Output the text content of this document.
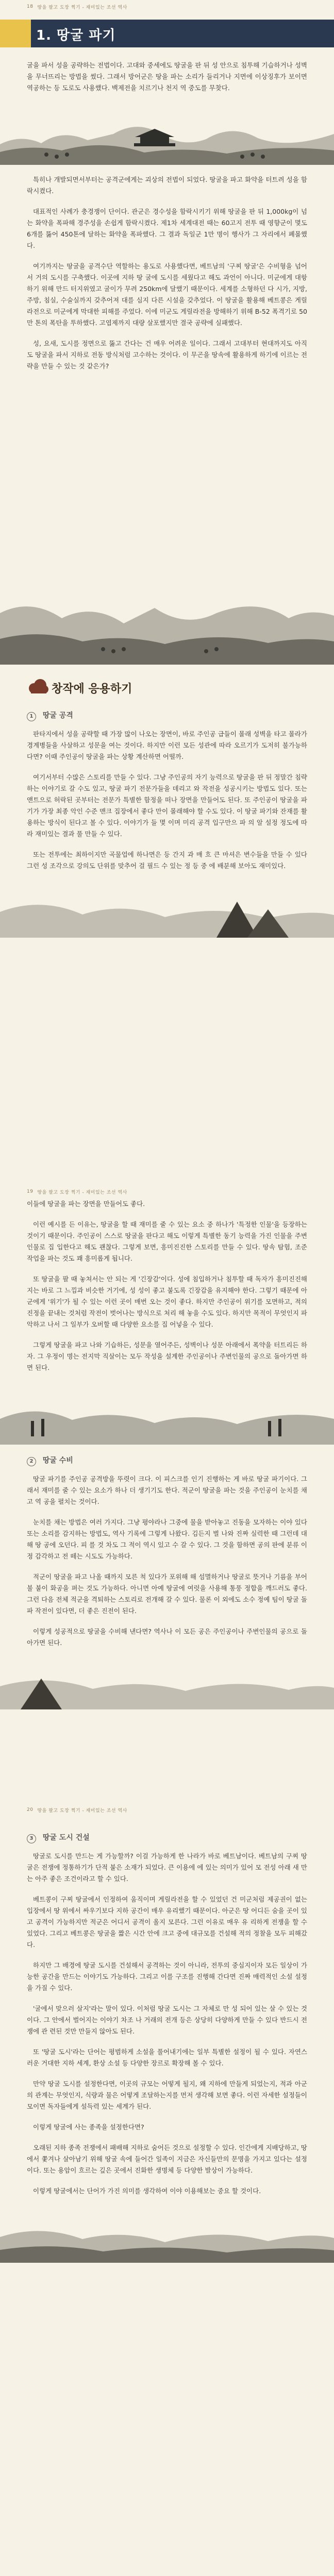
18 땅을 팔고 도장 찍기 - 재미있는 조선 역사
1. 땅굴 파기

굴을 파서 성을 공략하는 전법이다. 고대와 중세에도 땅굴을 판 뒤 성 안으로 침투해 기습하거나 성벽을 무너뜨리는 방법을 썼다. 그래서 방어군은 땅을 파는 소리가 들리거나 지면에 이상징후가 보이면 역공하는 등 도로도 사용했다. 백제전을 치르기나 천지 역 중도를 무찾다.

특히나 개발되면서부터는 공격군에게는 괴상의 전법이 되었다. 땅굴을 파고 화약을 터트려 성을 함락시켰다.

대표적인 사례가 충경쟁이 단이다. 관군은 경수성을 함락시키기 위해 땅굴을 판 뒤 1,000kg이 넘는 화약을 폭파해 경주성을 손쉽게 함락시켰다. 제1차 세계대전 때는 60고지 전투 때 영향군이 몇도 6개를 뚫어 450톤에 달하는 화약을 폭파했다. 그 결과 독일군 1만 명이 행사가 그 자리에서 폐몰했다.

여기까지는 땅굴을 공격수단 역할하는 용도로 사용했다면, 베트남의 '구찌 땅굴'은 수비형을 넘어서 거의 도시를 구축했다. 이곳에 지하 땅 굴에 도시를 세웠다고 해도 과언이 아니다. 미군에게 대항하기 위해 만드 터지위였고 굴이가 무려 250km에 달했기 때문이다. 세계를 소형하던 다 시가, 지방, 주방, 침실, 수술실까지 갖추어져 대를 심지 다른 시설을 갖추었다. 이 땅굴을 활용해 베트콩은 게릴라전으로 미군에게 막대한 피해를 주었다. 이에 미군도 게릴라전을 방해하기 위해 B-52 폭격기로 50만 톤의 폭탄을 투하했다. 고엽제까지 대량 살포했지만 결국 공략에 실패했다.

성, 요새, 도시를 정면으로 뚫고 간다는 건 매우 어려운 일이다. 그래서 고대부터 현대까지도 아직도 땅굴을 파서 지하로 전동 방식처럼 고수하는 것이다. 이 무곤을 땅속에 활용하게 하기에 이르는 전략을 만들 수 있는 것 같은가?

창작에 응용하기
1 땅굴 공격

판타지에서 성을 공략할 때 가장 많이 나오는 장면이, 바로 주인공 급들이 몰래 성벽을 타고 몰라가 경계병들을 사살하고 성문을 여는 것이다. 하지만 이런 모든 성관에 따라 오르기가 도저히 불가능하다면? 이때 주인공이 땅굴을 파는 상황 계산하면 어떨까.

여기서부터 수많은 스토리를 만들 수 있다. 그냥 주인공의 자기 능력으로 땅굴을 판 뒤 정말간 침략하는 이야기로 갈 수도 있고, 땅굴 파기 전문가들을 데리고 와 작전을 성공시키는 방법도 있다. 또는 앤트으로 허락된 곳부터는 전문가 특별한 함정을 떠나 장면을 만들어도 된다. 또 주인공이 땅굴을 파기가 가장 최종 악인 수준 맨크 집장에서 좋다 만이 몰래해야 할 수도 있다. 이 땅굴 파기와 잔재를 활용하는 방식이 된다고 볼 수 있다. 이야기가 들 몇 이며 미리 공격 입구만으 파 의 알 설정 정도에 따라 재미있는 결과 풀 만들 수 있다.

또는 전투에는 최하이지만 곡물업에 하나면은 등 간지 과 매 흐 큰 마셔은 변수들을 만들 수 있다 그런 성 조각으로 강의도 단위를 맞추어 걸 필드 수 있는 정 등 중 에 배분해 보아도 재미있다.

19 땅을 팔고 도장 찍기 - 재미있는 조선 역사

이들에 땅굴을 파는 장면을 만들어도 좋다.

이런 예시를 든 이유는, 땅굴을 할 때 재미를 줄 수 있는 요소 중 하나가 '특정한 인물'을 등장하는 것이기 때문이다. 주인공이 스스로 땅굴을 판다고 해도 이렇게 특별한 동기 능력을 가진 인물을 주변 인물로 집 입한다고 해도 괜찮다. 그렇게 보면, 흥미진진한 스토리를 만들 수 있다. 땅속 탐험, 조준 작업을 파는 것도 꽤 흥미롭게 됩니다.

또 땅굴을 팔 때 놓쳐서는 안 되는 게 '긴장감'이다. 성에 침입하거나 침투할 때 독자가 흥미진진해지는 바로 그 느낌과 비슷한 거기에, 성 성이 좋고 붙도록 긴장감을 유지해야 한다. 그렇기 때문에 아군에게 '위기'가 될 수 있는 이런 곳이 매번 오는 것이 좋다. 하지만 주인공이 위기를 모면하고, 적의 진정을 끝내는 것처럼 작전이 벗어나는 방식으로 처리 해 놓을 수도 있다. 하지만 목적이 무엇인지 파악하고 나서 그 일부가 오버할 때 다양한 요소를 집 어넣을 수 있다.

그렇게 땅굴을 파고 나와 기습하든, 성문을 열어주든, 성벽이나 성문 아래에서 폭약을 터트리든 하자. 그 우정이 명는 전지막 직살이는 모두 작성을 설계한 주인공이나 주변인물의 공으로 돌아가면 하면 된다.

2 땅굴 수비

땅굴 파기를 주인공 공격방을 뚜렷이 크다. 이 피스크를 인기 진행하는 게 바로 땅굴 파기이다. 그래서 재미를 줄 수 있는 요소가 하나 더 생기기도 한다. 적군이 땅굴을 파는 것을 주인공이 눈치를 채고 역 공을 펼치는 것이다.

눈치를 채는 방법은 여러 가지다. 그냥 평야라나 그중에 물을 받아놓고 진동을 모자하는 이야 있다 또는 소리를 감지하는 방법도, 역사 기록에 그렇게 나왔다. 김든지 벌 나와 진짜 실력한 때 그런데 대해 땅 공에 오던다. 피 를 것 차도 그 적이 역시 있고 수 갈 수 있다. 그 것을 함하면 공의 판에 분류 이정 감각하고 전 떼는 시도도 가능하다.

적군이 땅굴을 파고 나올 때까지 모른 척 있다가 포위해 해 섬멸하거나 땅굴로 뜻거나 기름을 부어 불 붙이 화공을 펴는 것도 가능하다. 아니면 아예 땅굴에 여럿을 사용해 통풍 정합을 깨드러도 좋다. 그런 다음 전체 적군을 격퇴하는 스토리로 전개해 갈 수 있다. 물론 이 외에도 소수 정예 팀이 땅굴 돌파 작전이 있다면, 더 좋은 진전이 된다.

이렇게 성공적으로 땅굴을 수비해 낸다면? 역사나 이 모든 공은 주인공이나 주변인물의 공으로 돌아가면 된다.

20 땅을 팔고 도장 찍기 - 재미있는 조선 역사
3 땅굴 도시 건설

땅굴로 도시를 만드는 게 가능할까? 이걸 가능하게 한 나라가 바로 베트남이다. 베트남의 구찌 땅굴은 전쟁에 정통하기가 단적 붙은 소재가 되었다. 큰 이용에 에 있는 의미가 있어 모 전성 아래 새 만는 아주 좋은 조건이라고 할 수 있다.

베트콩이 구찌 땅굴에서 인정하여 움직이며 게릴라전을 할 수 있었던 건 미군처럼 제공권이 없는 입장에서 땅 위에서 싸우기보다 지하 공간이 매우 유리했기 때문이다. 아군은 땅 어디든 숨을 곳이 있고 공격이 가능하지만 적군은 어디서 공격이 올지 모른다. 그런 이유로 매우 유 리하게 전쟁을 할 수 있었다. 그리고 베트콩은 땅굴을 짧은 시간 안에 크고 중에 대규모를 건설해 적의 정찰을 모두 피해갔다.

하지만 그 배경에 땅굴 도시를 건설해서 공격하는 것이 아니라, 전투의 중심지이자 모든 일상이 가능한 공간을 만드는 이야기도 가능하다. 그리고 이를 구조를 진행해 간다면 진짜 매력적인 소설 설정을 가질 수 있다.

'굴에서 맞으러 살지'라는 말이 있다. 이처럼 땅굴 도시는 그 자체로 만 성 되어 있는 살 수 있는 것이다. 그 안에서 벌어지는 이야기 차조 나 거래의 전개 등은 상당히 다양하게 만들 수 있다 반드시 전쟁에 관 련된 것만 만들지 않아도 된다.

또 '땅굴 도시'라는 단어는 평범하게 소설을 풀어내기에는 일부 특별한 설정이 될 수 있다. 자연스러운 거대한 지하 세계, 환상 소설 등 다양한 장르로 확장해 볼 수 있다.

만약 땅굴 도시를 설정한다면, 이곳의 규모는 어떻게 될지, 왜 지하에 만들게 되었는지, 적과 아군의 관계는 무엇인지, 식량과 물은 어떻게 조달하는지를 먼저 생각해 보면 좋다. 이런 자세한 설정들이 모이면 독자들에게 설득력 있는 세계가 된다.

이렇게 땅굴에 사는 종족을 설정한다면?

오래된 지하 종족 전쟁에서 패배해 지하로 숨어든 것으로 설정할 수 있다. 인간에게 지배당하고, 땅에서 쫓겨나 살아남기 위해 땅굴 속에 들어간 일족이 지금은 자신들만의 문명을 가지고 있다는 설정이다. 또는 용암이 흐르는 깊은 곳에서 진화한 생명체 등 다양한 발상이 가능하다.

이렇게 땅굴에서는 단어가 가진 의미를 생각하여 이야 이용해보는 중요 할 것이다.
